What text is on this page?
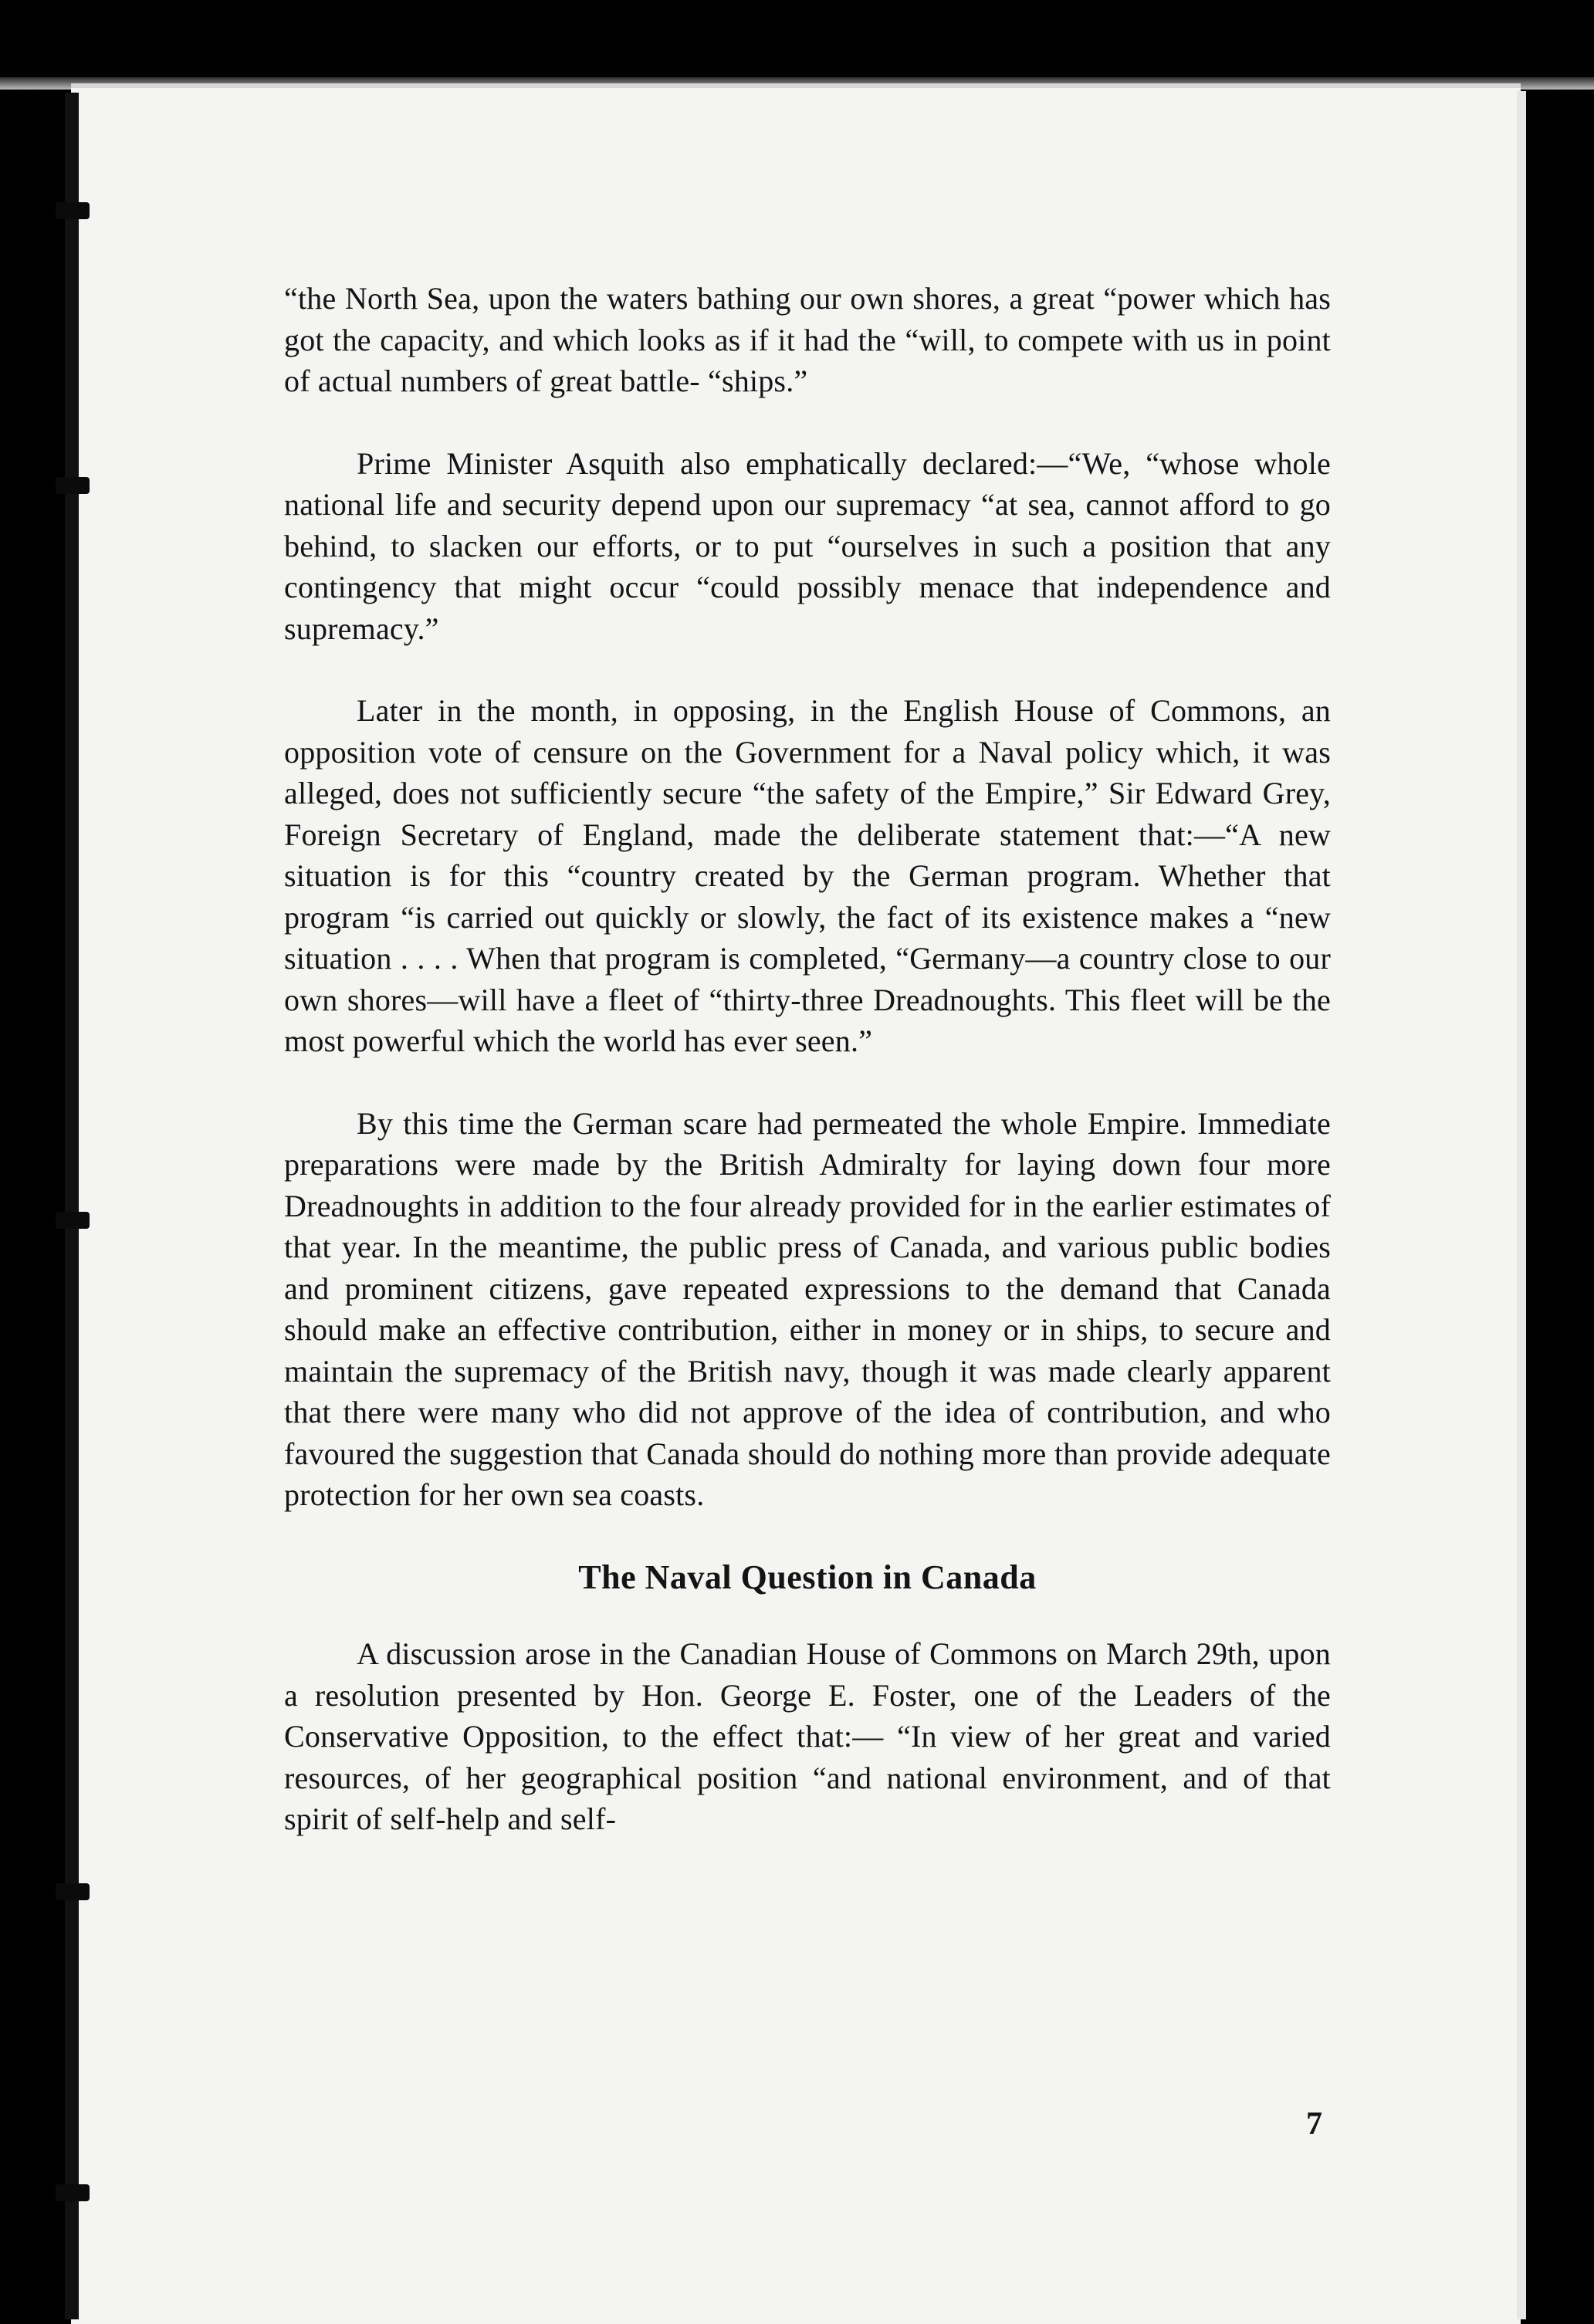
“the North Sea, upon the waters bathing our own shores, a great “power which has got the capacity, and which looks as if it had the “will, to compete with us in point of actual numbers of great battle- “ships.”

Prime Minister Asquith also emphatically declared:—“We, “whose whole national life and security depend upon our supremacy “at sea, cannot afford to go behind, to slacken our efforts, or to put “ourselves in such a position that any contingency that might occur “could possibly menace that independence and supremacy.”

Later in the month, in opposing, in the English House of Commons, an opposition vote of censure on the Government for a Naval policy which, it was alleged, does not sufficiently secure “the safety of the Empire,” Sir Edward Grey, Foreign Secretary of England, made the deliberate statement that:—“A new situation is for this “country created by the German program. Whether that program “is carried out quickly or slowly, the fact of its existence makes a “new situation . . . . When that program is completed, “Germany—a country close to our own shores—will have a fleet of “thirty-three Dreadnoughts. This fleet will be the most powerful which the world has ever seen.”

By this time the German scare had permeated the whole Empire. Immediate preparations were made by the British Admiralty for laying down four more Dreadnoughts in addition to the four already provided for in the earlier estimates of that year. In the meantime, the public press of Canada, and various public bodies and prominent citizens, gave repeated expressions to the demand that Canada should make an effective contribution, either in money or in ships, to secure and maintain the supremacy of the British navy, though it was made clearly apparent that there were many who did not approve of the idea of contribution, and who favoured the suggestion that Canada should do nothing more than provide adequate protection for her own sea coasts.

The Naval Question in Canada

A discussion arose in the Canadian House of Commons on March 29th, upon a resolution presented by Hon. George E. Foster, one of the Leaders of the Conservative Opposition, to the effect that:— “In view of her great and varied resources, of her geographical position “and national environment, and of that spirit of self-help and self-

7
